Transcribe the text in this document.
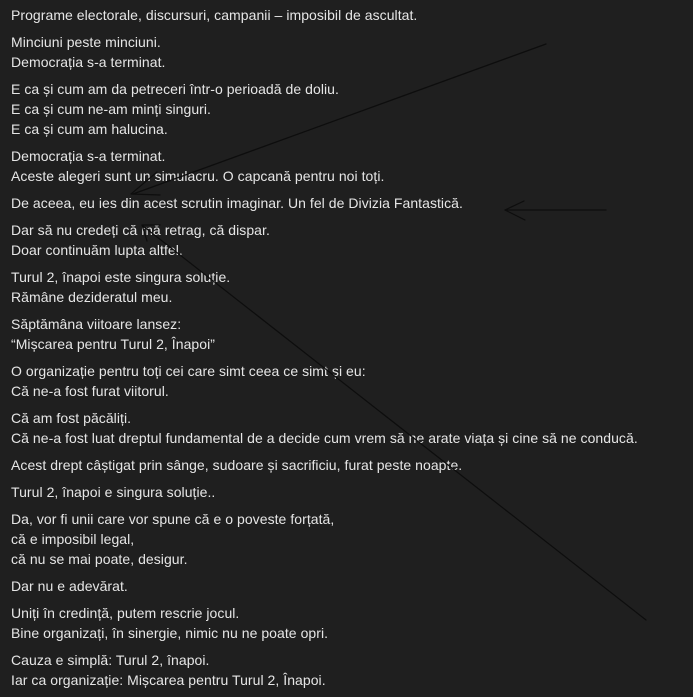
Programe electorale, discursuri, campanii – imposibil de ascultat.
Minciuni peste minciuni.
Democrația s-a terminat.
E ca și cum am da petreceri într-o perioadă de doliu.
E ca și cum ne-am minți singuri.
E ca și cum am halucina.
Democrația s-a terminat.
Aceste alegeri sunt un simulacru. O capcană pentru noi toți.
De aceea, eu ies din acest scrutin imaginar. Un fel de Divizia Fantastică.
Dar să nu credeți că mă retrag, că dispar.
Doar continuăm lupta altfel.
Turul 2, înapoi este singura soluție.
Rămâne deziderat​ul meu.
Săptămâna viitoare lansez:
“Mișcarea pentru Turul 2, Înapoi”
O organizație pentru toți cei care simt ceea ce simt și eu:
Că ne-a fost furat viitorul.
Că am fost păcăliți.
Că ne-a fost luat dreptul fundamental de a decide cum vrem să ne arate viața și cine să ne conducă.
Acest drept câștigat prin sânge, sudoare și sacrificiu, furat peste noapte.
Turul 2, înapoi e singura soluție..
Da, vor fi unii care vor spune că e o poveste forțată,
că e imposibil legal,
că nu se mai poate, desigur.
Dar nu e adevărat.
Uniți în credință, putem rescrie jocul.
Bine organizați, în sinergie, nimic nu ne poate opri.
Cauza e simplă: Turul 2, înapoi.
Iar ca organizație: Mișcarea pentru Turul 2, Înapoi.
